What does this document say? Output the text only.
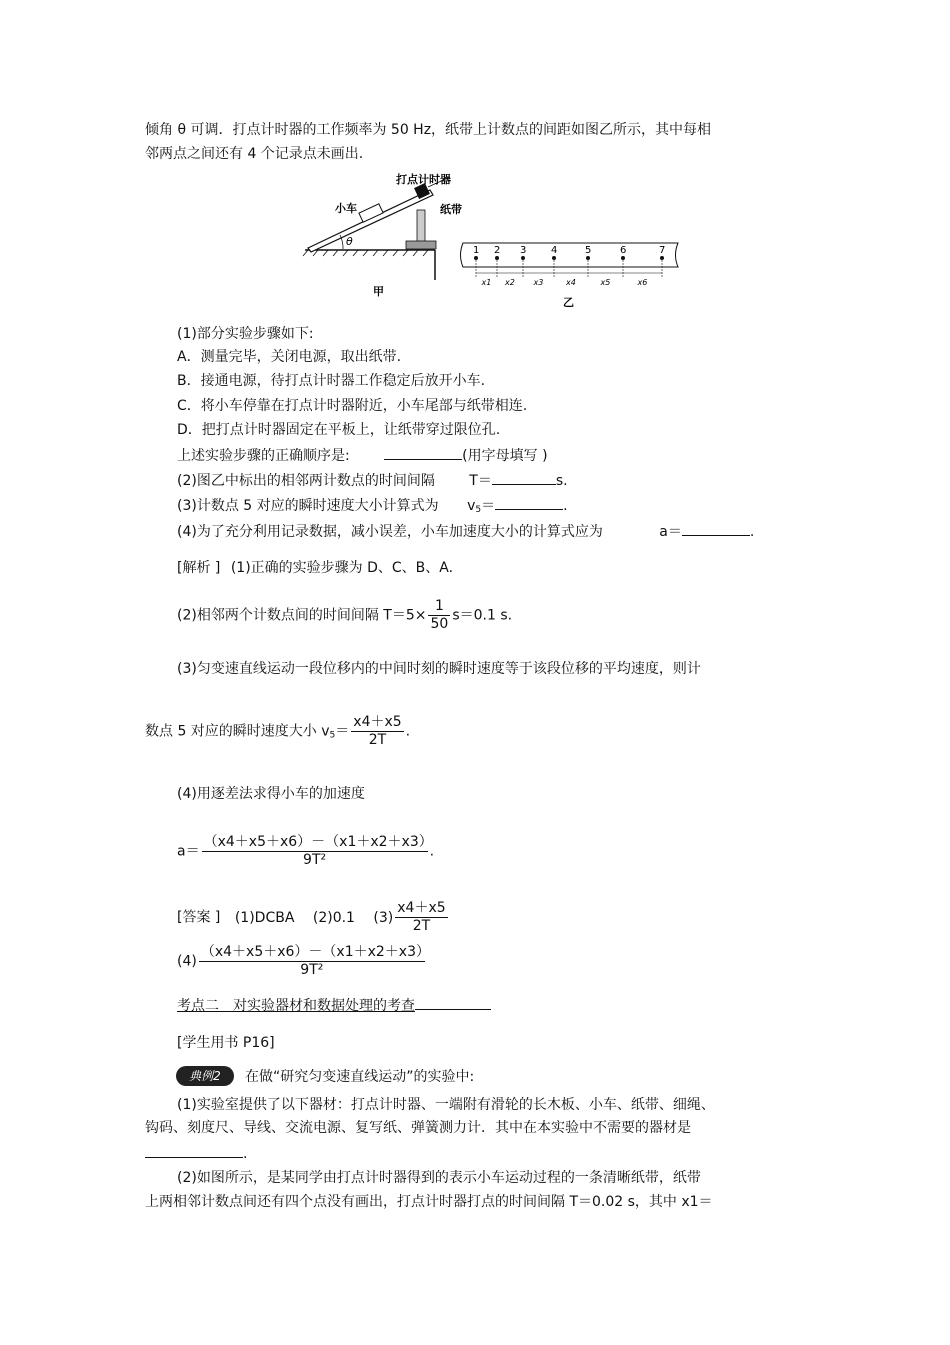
倾角 θ 可调．打点计时器的工作频率为 50 Hz，纸带上计数点的间距如图乙所示，其中每相
邻两点之间还有 4 个记录点未画出.
打点计时器
小车	纸带
θ
甲
1 2 3 4	5	6	7
x1 x2 x3	x4	x5	x6
乙
(1)部分实验步骤如下:
A．测量完毕，关闭电源，取出纸带.
B．接通电源，待打点计时器工作稳定后放开小车.
C．将小车停靠在打点计时器附近，小车尾部与纸带相连.
D．把打点计时器固定在平板上，让纸带穿过限位孔.
上述实验步骤的正确顺序是:	(用字母填写 )
(2)图乙中标出的相邻两计数点的时间间隔 T＝	s.
(3)计数点 5 对应的瞬时速度大小计算式为 $v_5=$	.
(4)为了充分利用记录数据，减小误差，小车加速度大小的计算式应为	a＝	.
[解析 ] (1)正确的实验步骤为 D、C、B、A.
(2)相邻两个计数点间的时间间隔 $T=5\times \frac{1}{50} s=0.1$ s.
(3)匀变速直线运动一段位移内的中间时刻的瞬时速度等于该段位移的平均速度，则计
数点 5 对应的瞬时速度大小 $v_5= \frac{x4+x5}{2T}$ .
(4)用逐差法求得小车的加速度
$a= \frac{(x4+x5+x6)-(x1+x2+x3)}{\text{9T²}}$ .
[答案 ] (1)DCBA (2)0.1 $(3) \frac{x4+x5}{2T}$
$(4) \frac{(x4+x5+x6)-(x1+x2+x3)}{\text{9T²}}$
考点二　对实验器材和数据处理的考查
[学生用书 P16]
典例2	在做“研究匀变速直线运动”的实验中:
(1)实验室提供了以下器材：打点计时器、一端附有滑轮的长木板、小车、纸带、细绳、
钩码、刻度尺、导线、交流电源、复写纸、弹簧测力计．其中在本实验中不需要的器材是
.
(2)如图所示，是某同学由打点计时器得到的表示小车运动过程的一条清晰纸带，纸带
上两相邻计数点间还有四个点没有画出，打点计时器打点的时间间隔 T＝0.02 s，其中 x1＝
